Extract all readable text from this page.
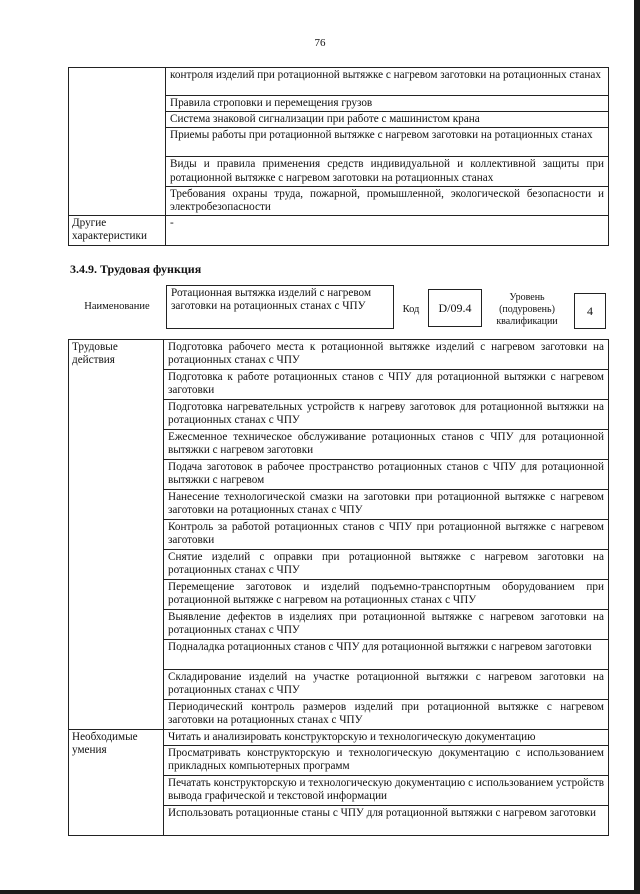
76
	контроля изделий при ротационной вытяжке с нагревом заготовки на ротационных станах
	Правила строповки и перемещения грузов
	Система знаковой сигнализации при работе с машинистом крана
	Приемы работы при ротационной вытяжке с нагревом заготовки на ротационных станах
	Виды и правила применения средств индивидуальной и коллективной защиты при ротационной вытяжке с нагревом заготовки на ротационных станах
	Требования охраны труда, пожарной, промышленной, экологической безопасности и электробезопасности
Другие характеристики	-
3.4.9. Трудовая функция
Наименование
Ротационная вытяжка изделий с нагревом заготовки на ротационных станах с ЧПУ	Код	D/09.4
Уровень (подуровень) квалификации
4
Трудовые действия	Подготовка рабочего места к ротационной вытяжке изделий с нагревом заготовки на ротационных станах с ЧПУ
	Подготовка к работе ротационных станов с ЧПУ для ротационной вытяжки с нагревом заготовки
	Подготовка нагревательных устройств к нагреву заготовок для ротационной вытяжки на ротационных станах с ЧПУ
	Ежесменное техническое обслуживание ротационных станов с ЧПУ для ротационной вытяжки с нагревом заготовки
	Подача заготовок в рабочее пространство ротационных станов с ЧПУ для ротационной вытяжки с нагревом
	Нанесение технологической смазки на заготовки при ротационной вытяжке с нагревом заготовки на ротационных станах с ЧПУ
	Контроль за работой ротационных станов с ЧПУ при ротационной вытяжке с нагревом заготовки
	Снятие изделий с оправки при ротационной вытяжке с нагревом заготовки на ротационных станах с ЧПУ
	Перемещение заготовок и изделий подъемно-транспортным оборудованием при ротационной вытяжке с нагревом на ротационных станах с ЧПУ
	Выявление дефектов в изделиях при ротационной вытяжке с нагревом заготовки на ротационных станах с ЧПУ
	Подналадка ротационных станов с ЧПУ для ротационной вытяжки с нагревом заготовки
	Складирование изделий на участке ротационной вытяжки с нагревом заготовки на ротационных станах с ЧПУ
	Периодический контроль размеров изделий при ротационной вытяжке с нагревом заготовки на ротационных станах с ЧПУ
Необходимые умения	Читать и анализировать конструкторскую и технологическую документацию
	Просматривать конструкторскую и технологическую документацию с использованием прикладных компьютерных программ
	Печатать конструкторскую и технологическую документацию с использованием устройств вывода графической и текстовой информации
	Использовать ротационные станы с ЧПУ для ротационной вытяжки с нагревом заготовки
